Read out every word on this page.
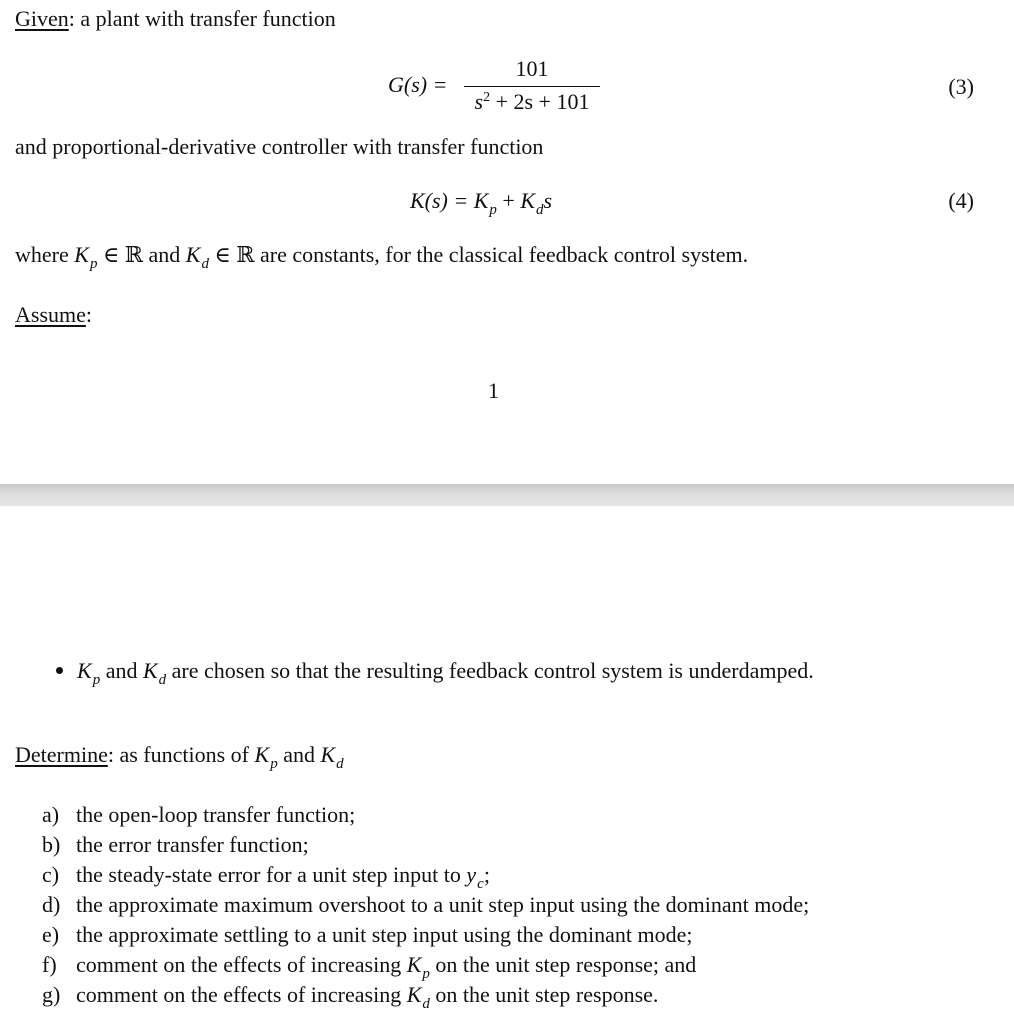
Given: a plant with transfer function
G(s) =
101
$s^2 + 2s + 101$
(3)
and proportional-derivative controller with transfer function
$K(s) = K_p + K_ds$	(4)
where $K_p$ ∈ ℝ and $K_d$ ∈ ℝ are constants, for the classical feedback control system.
Assume:
1
$K_p$ and $K_d$ are chosen so that the resulting feedback control system is underdamped.
Determine: as functions of $K_p$ and $K_d$
a) the open-loop transfer function;
b) the error transfer function;
c) the steady-state error for a unit step input to $y_c$;
d) the approximate maximum overshoot to a unit step input using the dominant mode;
e) the approximate settling to a unit step input using the dominant mode;
f) comment on the effects of increasing $K_p$ on the unit step response; and
g) comment on the effects of increasing $K_d$ on the unit step response.
